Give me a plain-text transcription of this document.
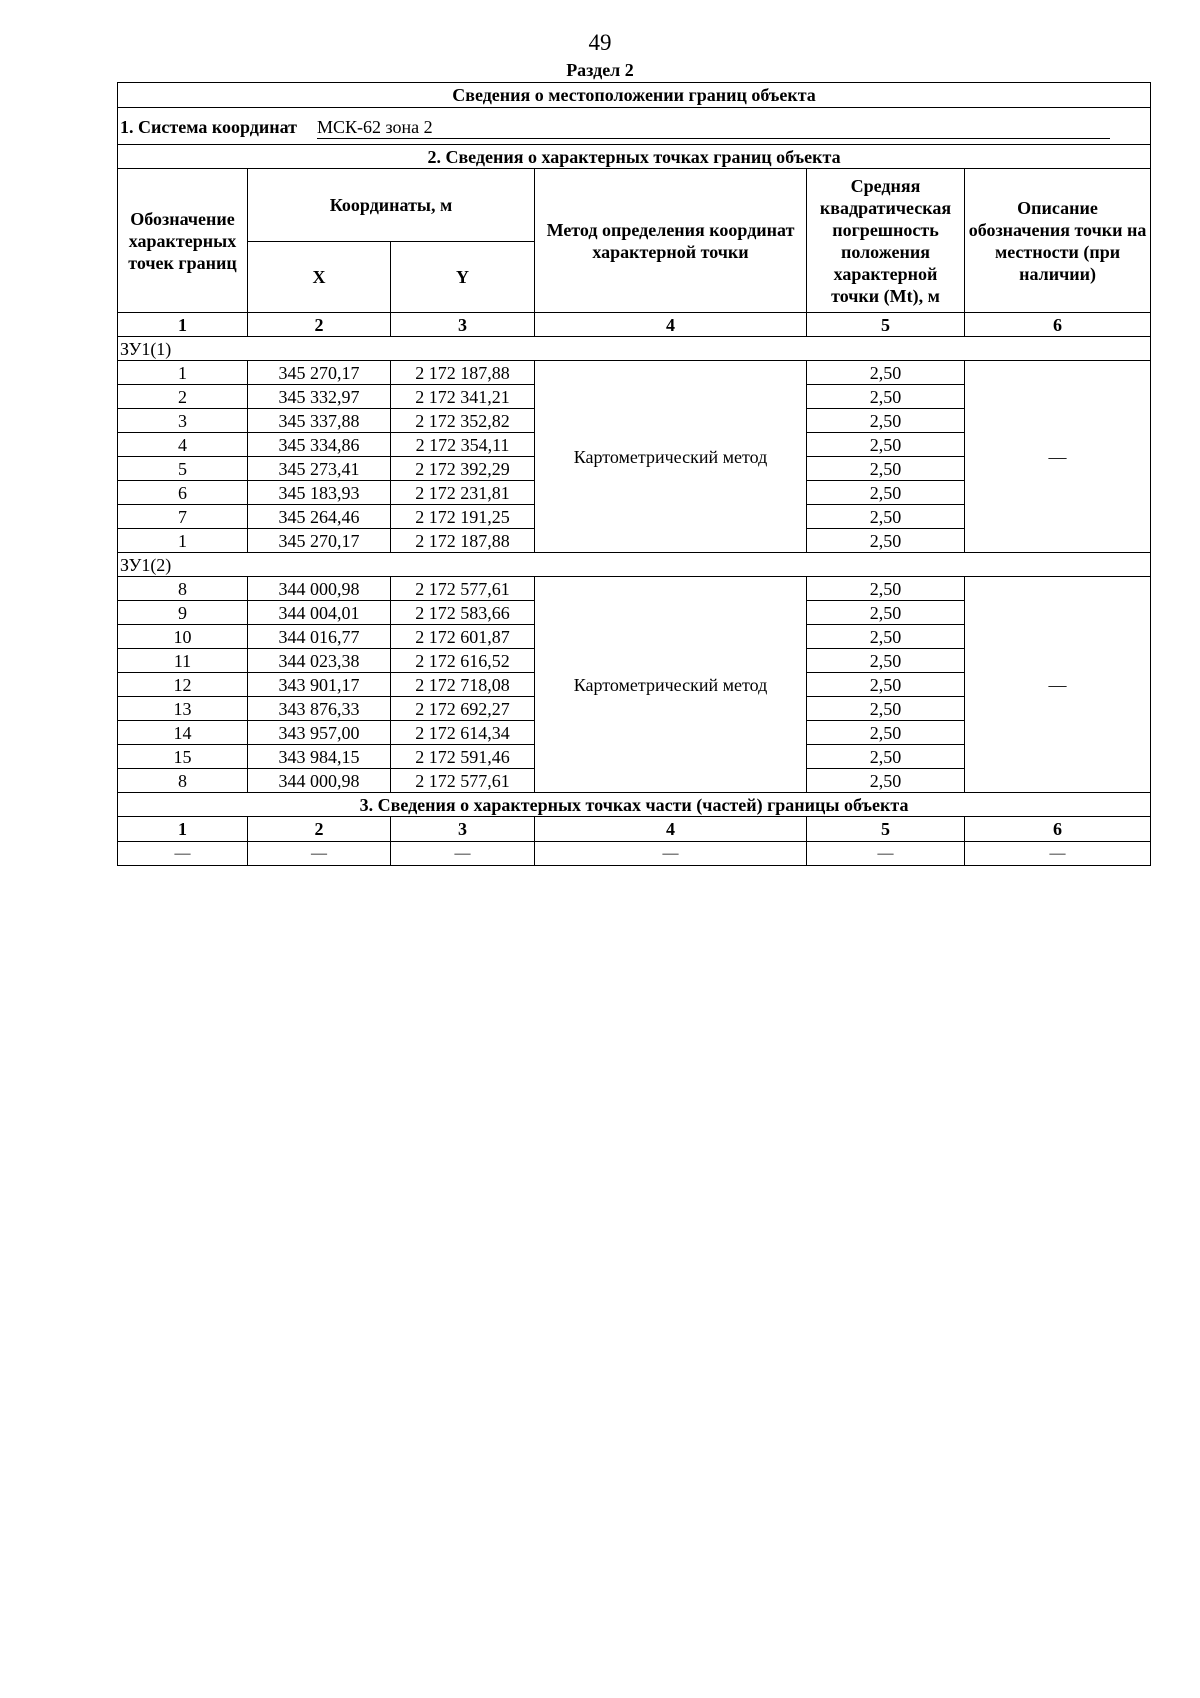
49
Раздел 2
Сведения о местоположении границ объекта					
1. Система координат МСК-62 зона 2					
2. Сведения о характерных точках границ объекта					
Обозначение характерных точек границ	Координаты, м		Метод определения координат характерной точки	Средняя квадратическая погрешность положения характерной точки (Mt), м	Описание обозначения точки на местности (при наличии)
	X	Y			
1	2	3	4	5	6
ЗУ1(1)					
1	345 270,17	2 172 187,88	Картометрический метод	2,50	—
2	345 332,97	2 172 341,21		2,50	
3	345 337,88	2 172 352,82		2,50	
4	345 334,86	2 172 354,11		2,50	
5	345 273,41	2 172 392,29		2,50	
6	345 183,93	2 172 231,81		2,50	
7	345 264,46	2 172 191,25		2,50	
1	345 270,17	2 172 187,88		2,50	
ЗУ1(2)					
8	344 000,98	2 172 577,61	Картометрический метод	2,50	—
9	344 004,01	2 172 583,66		2,50	
10	344 016,77	2 172 601,87		2,50	
11	344 023,38	2 172 616,52		2,50	
12	343 901,17	2 172 718,08		2,50	
13	343 876,33	2 172 692,27		2,50	
14	343 957,00	2 172 614,34		2,50	
15	343 984,15	2 172 591,46		2,50	
8	344 000,98	2 172 577,61		2,50	
3. Сведения о характерных точках части (частей) границы объекта					
1	2	3	4	5	6
—	—	—	—	—	—
